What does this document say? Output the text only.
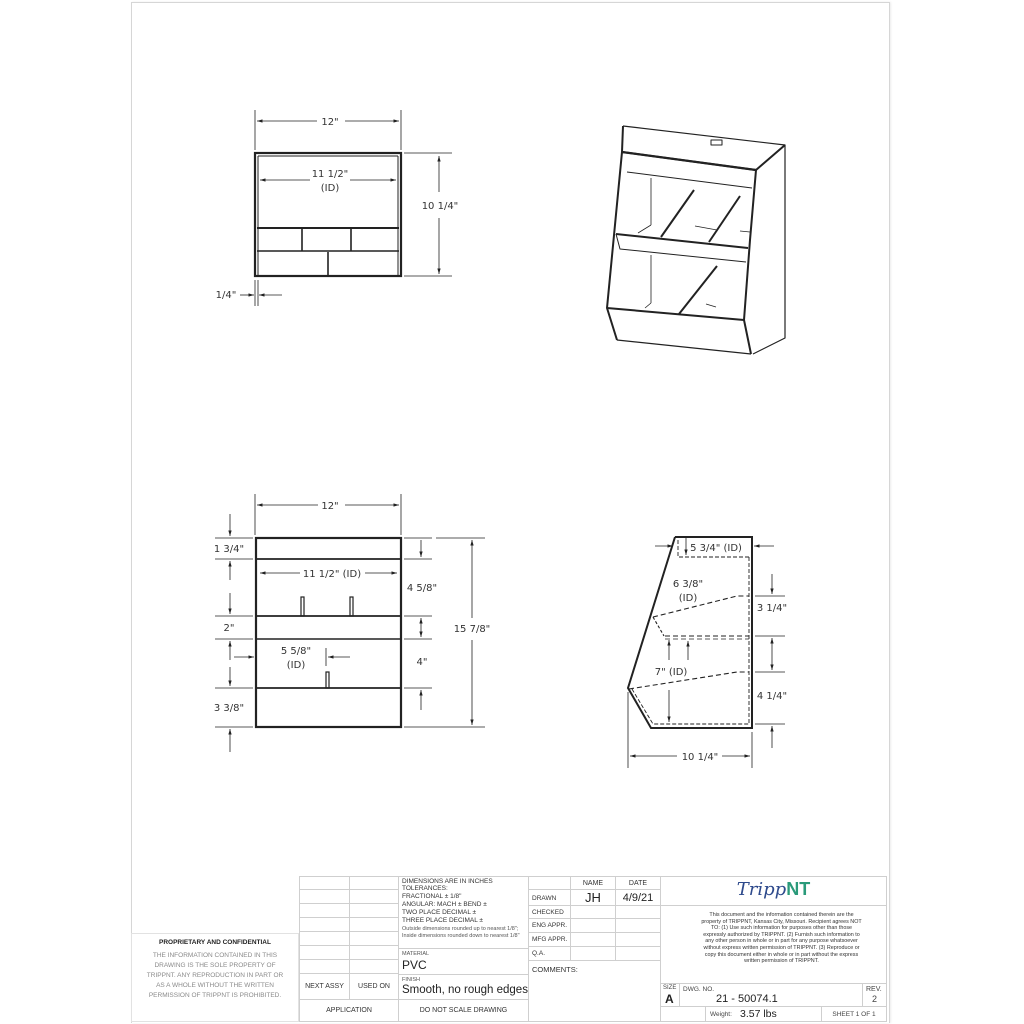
12"
11 1/2"
(ID)
10 1/4"
1/4"
12"
11 1/2" (ID)
1 3/4"
2"
3 3/8"
4 5/8"
4"
15 7/8"
5 5/8"
(ID)
5 3/4" (ID)
6 3/8"
(ID)
3 1/4"
4 1/4"
7" (ID)
10 1/4"
PROPRIETARY AND CONFIDENTIAL
THE INFORMATION CONTAINED IN THIS DRAWING IS THE SOLE PROPERTY OF TRIPPNT. ANY REPRODUCTION IN PART OR AS A WHOLE WITHOUT THE WRITTEN PERMISSION OF TRIPPNT IS PROHIBITED.
NEXT ASSY	USED ON
APPLICATION
DIMENSIONS ARE IN INCHES
TOLERANCES:
FRACTIONAL ± 1/8"
ANGULAR: MACH ± BEND ±
TWO PLACE DECIMAL ±
THREE PLACE DECIMAL ±
Outside dimensions rounded up to nearest 1/8"; Inside dimensions rounded down to nearest 1/8"
MATERIAL
PVC
FINISH
Smooth, no rough edges
DO NOT SCALE DRAWING
NAME	DATE
DRAWN	JH	4/9/21
CHECKED
ENG APPR.
MFG APPR.
Q.A.
COMMENTS:
TrippNT
This document and the information contained therein are the property of TRIPPNT, Kansas City, Missouri. Recipient agrees NOT TO: (1) Use such information for purposes other than those expressly authorized by TRIPPNT. (2) Furnish such information to any other person in whole or in part for any purpose whatsoever without express written permission of TRIPPNT. (3) Reproduce or copy this document either in whole or in part without the express written permission of TRIPPNT.
SIZE
A
DWG. NO.
21 - 50074.1
REV.
2
Weight: 3.57 lbs	SHEET 1 OF 1
